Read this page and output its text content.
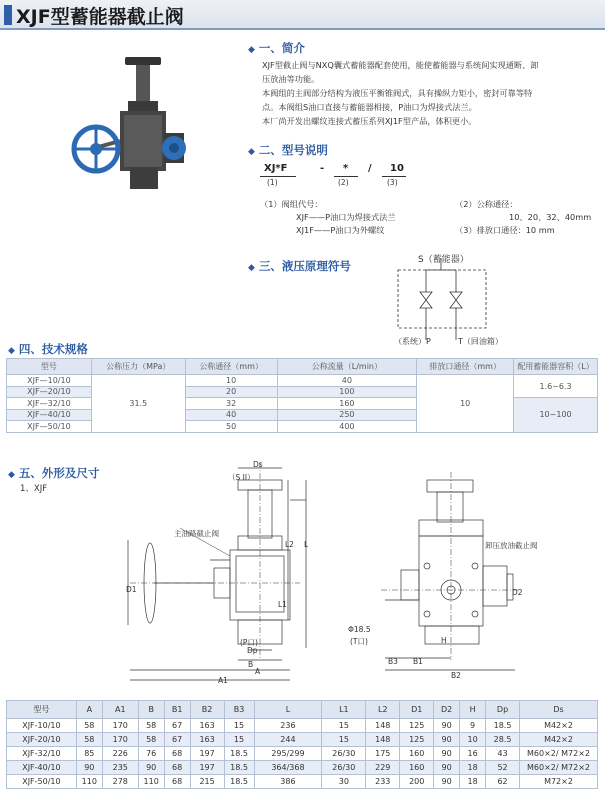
XJF型蓄能器截止阀
◆ 一、简介
XJF型截止阀与NXQ囊式蓄能器配套使用，能使蓄能器与系统间实现通断、卸
压放油等功能。
本阀组的主阀部分结构为液压平衡锥阀式，具有操纵力矩小，密封可靠等特
点。本阀组S油口直接与蓄能器相接，P油口为焊接式法兰。
本厂尚开发出螺纹连接式蓄压系列XJ1F型产品，体积更小。
◆ 二、型号说明
XJ*F	- * / 10
(1)	(2)	(3)
（1）阀组代号：
XJF——P油口为焊接式法兰
XJ1F——P油口为外螺纹
（2）公称通径：
10、20、32、40mm
（3）排放口通径：10 mm
◆ 三、液压原理符号	S（蓄能器）
（系统）P	T（回油箱）
◆ 四、技术规格
型号	公称压力（MPa）	公称通径（mm）	公称流量（L/min）	排放口通径（mm）	配用蓄能器容积（L）
XJF—10/10	31.5	10	40	10	1.6~6.3
XJF—20/10		20	100		
XJF—32/10		32	160		10~100
XJF—40/10		40	250		
XJF—50/10		50	400		
◆ 五、外形及尺寸
1、XJF
（S II）
Ds
L
L2
L1
D1
主油路截止阀
Dp
B
A
A1
(P口)
卸压放油截止阀
D2
H
Φ18.5
(T口)
B3 B1
B2
型号	A	A1	B	B1	B2	B3	L	L1	L2	D1	D2	H	Dp	Ds
XJF-10/10	58	170	58	67	163	15	236	15	148	125	90	9	18.5	M42×2
XJF-20/10	58	170	58	67	163	15	244	15	148	125	90	10	28.5	M42×2
XJF-32/10	85	226	76	68	197	18.5	295/299	26/30	175	160	90	16	43	M60×2/ M72×2
XJF-40/10	90	235	90	68	197	18.5	364/368	26/30	229	160	90	18	52	M60×2/ M72×2
XJF-50/10	110	278	110	68	215	18.5	386	30	233	200	90	18	62	M72×2
